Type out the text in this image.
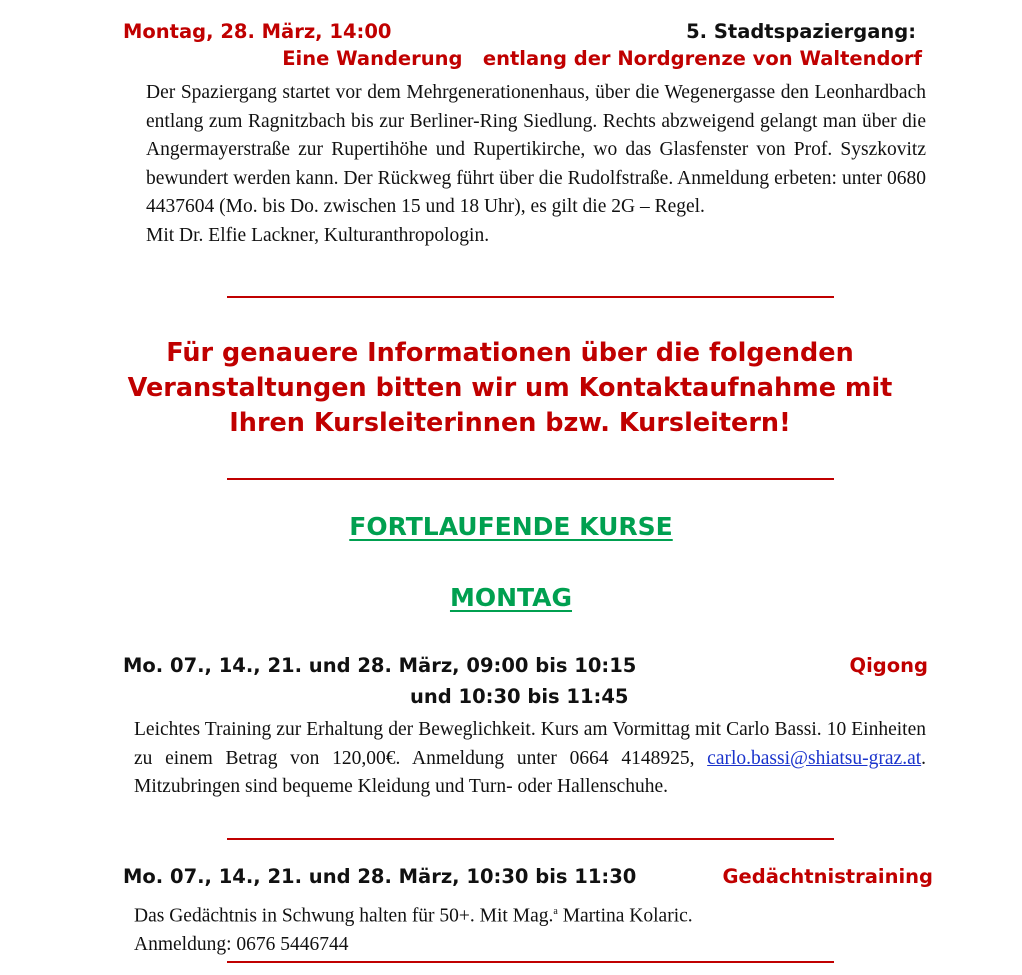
Montag, 28. März, 14:00	5. Stadtspaziergang:
Eine Wanderung   entlang der Nordgrenze von Waltendorf
Der Spaziergang startet vor dem Mehrgenerationenhaus, über die Wegenergasse den Leonhardbach entlang zum Ragnitzbach bis zur Berliner-Ring Siedlung. Rechts abzweigend gelangt man über die Angermayerstraße zur Rupertihöhe und Rupertikirche, wo das Glasfenster von Prof. Syszkovitz bewundert werden kann. Der Rückweg führt über die Rudolfstraße. Anmeldung erbeten: unter 0680 4437604 (Mo. bis Do. zwischen 15 und 18 Uhr), es gilt die 2G – Regel.
Mit Dr. Elfie Lackner, Kulturanthropologin.
Für genauere Informationen über die folgenden
Veranstaltungen bitten wir um Kontaktaufnahme mit
Ihren Kursleiterinnen bzw. Kursleitern!
FORTLAUFENDE KURSE
MONTAG
Mo. 07., 14., 21. und 28. März, 09:00 bis 10:15	Qigong
und 10:30 bis 11:45
Leichtes Training zur Erhaltung der Beweglichkeit. Kurs am Vormittag mit Carlo Bassi. 10 Einheiten zu einem Betrag von 120,00€. Anmeldung unter 0664 4148925, carlo.bassi@shiatsu-graz.at. Mitzubringen sind bequeme Kleidung und Turn- oder Hallenschuhe.
Mo. 07., 14., 21. und 28. März, 10:30 bis 11:30	Gedächtnistraining
Das Gedächtnis in Schwung halten für 50+. Mit Mag.$^a$ Martina Kolaric.
Anmeldung: 0676 5446744
